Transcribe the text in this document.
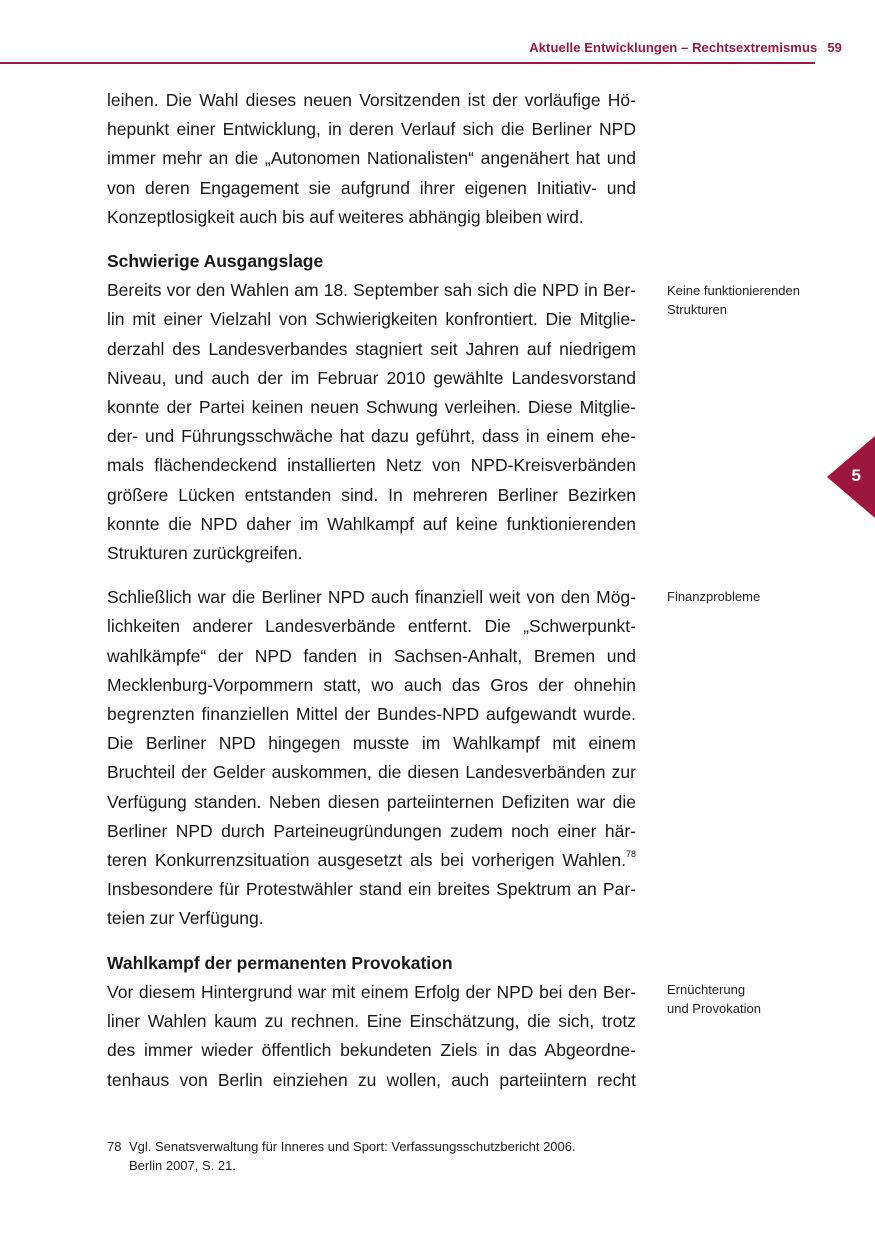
Aktuelle Entwicklungen – Rechtsextremismus 59
5

leihen. Die Wahl dieses neuen Vorsitzenden ist der vorläufige Höhepunkt einer Entwicklung, in deren Verlauf sich die Berliner NPD immer mehr an die „Autonomen Nationalisten“ angenähert hat und von deren Engagement sie aufgrund ihrer eigenen Initiativ- und Konzeptlosigkeit auch bis auf weiteres abhängig bleiben wird.

Schwierige Ausgangslage

Bereits vor den Wahlen am 18. September sah sich die NPD in Berlin mit einer Vielzahl von Schwierigkeiten konfrontiert. Die Mitgliederzahl des Landesverbandes stagniert seit Jahren auf niedrigem Niveau, und auch der im Februar 2010 gewählte Landesvorstand konnte der Partei keinen neuen Schwung verleihen. Diese Mitglieder- und Führungsschwäche hat dazu geführt, dass in einem ehemals flächendeckend installierten Netz von NPD-Kreisverbänden größere Lücken entstanden sind. In mehreren Berliner Bezirken konnte die NPD daher im Wahlkampf auf keine funktionierenden Strukturen zurückgreifen.

Schließlich war die Berliner NPD auch finanziell weit von den Möglichkeiten anderer Landesverbände entfernt. Die „Schwerpunktwahlkämpfe“ der NPD fanden in Sachsen-Anhalt, Bremen und Mecklenburg-Vorpommern statt, wo auch das Gros der ohnehin begrenzten finanziellen Mittel der Bundes-NPD aufgewandt wurde. Die Berliner NPD hingegen musste im Wahlkampf mit einem Bruchteil der Gelder auskommen, die diesen Landesverbänden zur Verfügung standen. Neben diesen parteiinternen Defiziten war die Berliner NPD durch Parteineugründungen zudem noch einer härteren Konkurrenzsituation ausgesetzt als bei vorherigen Wahlen.$^{78}$ Insbesondere für Protestwähler stand ein breites Spektrum an Parteien zur Verfügung.

Wahlkampf der permanenten Provokation

Vor diesem Hintergrund war mit einem Erfolg der NPD bei den Berliner Wahlen kaum zu rechnen. Eine Einschätzung, die sich, trotz des immer wieder öffentlich bekundeten Ziels in das Abgeordnetenhaus von Berlin einziehen zu wollen, auch parteiintern recht

Keine funktionierenden
Strukturen
Finanzprobleme
Ernüchterung
und Provokation
78 Vgl. Senatsverwaltung für Inneres und Sport: Verfassungsschutzbericht 2006.
Berlin 2007, S. 21.
